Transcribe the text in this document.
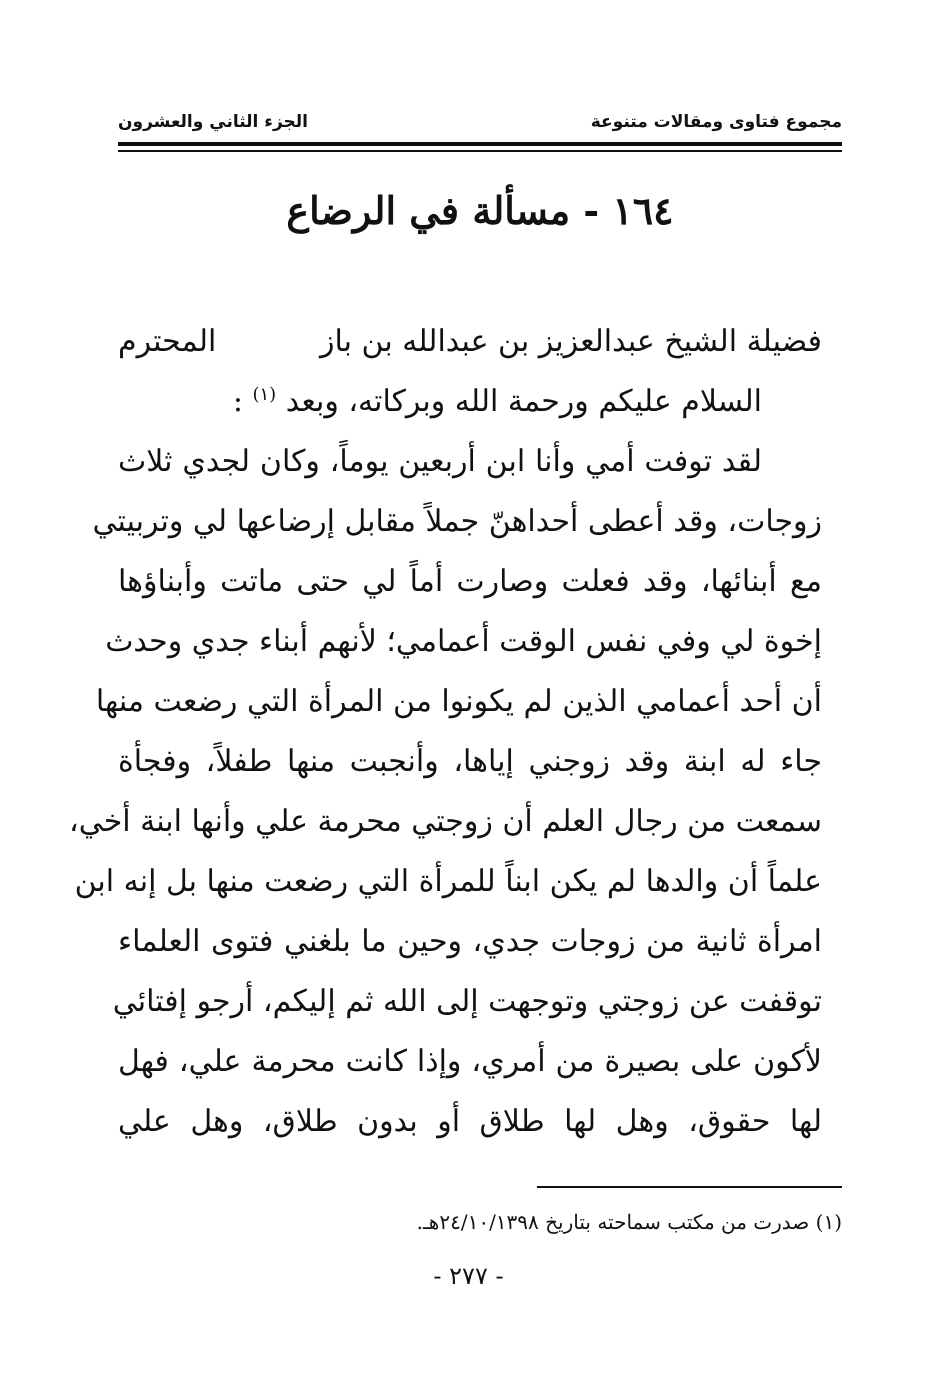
مجموع فتاوى ومقالات متنوعة
الجزء الثاني والعشرون
١٦٤ - مسألة في الرضاع
فضيلة الشيخ عبدالعزيز بن عبدالله بن باز
المحترم
السلام عليكم ورحمة الله وبركاته، وبعد $^{(١)}$ :
لقد توفت أمي وأنا ابن أربعين يوماً، وكان لجدي ثلاث
زوجات، وقد أعطى أحداهنّ جملاً مقابل إرضاعها لي وتربيتي
مع أبنائها، وقد فعلت وصارت أماً لي حتى ماتت وأبناؤها
إخوة لي وفي نفس الوقت أعمامي؛ لأنهم أبناء جدي وحدث
أن أحد أعمامي الذين لم يكونوا من المرأة التي رضعت منها
جاء له ابنة وقد زوجني إياها، وأنجبت منها طفلاً، وفجأة
سمعت من رجال العلم أن زوجتي محرمة علي وأنها ابنة أخي،
علماً أن والدها لم يكن ابناً للمرأة التي رضعت منها بل إنه ابن
امرأة ثانية من زوجات جدي، وحين ما بلغني فتوى العلماء
توقفت عن زوجتي وتوجهت إلى الله ثم إليكم، أرجو إفتائي
لأكون على بصيرة من أمري، وإذا كانت محرمة علي، فهل
لها حقوق، وهل لها طلاق أو بدون طلاق، وهل علي
(١) صدرت من مكتب سماحته بتاريخ ٢٤/١٠/١٣٩٨هـ.
- ٢٧٧ -
